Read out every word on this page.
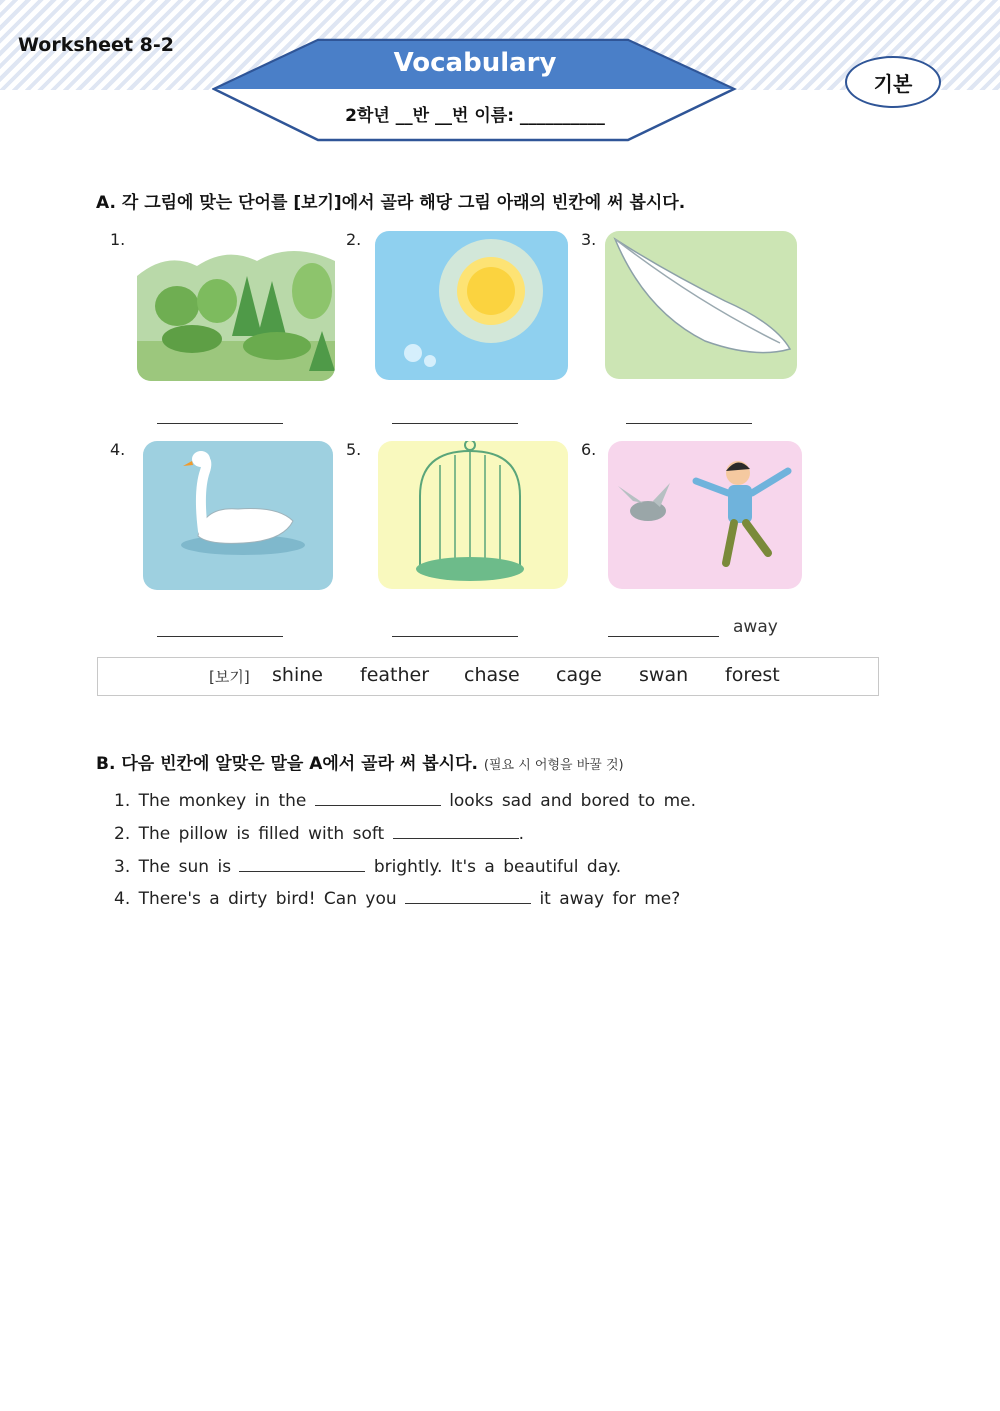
Worksheet 8-2
Vocabulary
2학년 __반 __번 이름: __________
기본
A. 각 그림에 맞는 단어를 [보기]에서 골라 해당 그림 아래의 빈칸에 써 봅시다.
1.	2.	3.
4.	5.	6.
away
[보기] shine feather chase cage swan forest
B. 다음 빈칸에 알맞은 말을 A에서 골라 써 봅시다. (필요 시 어형을 바꿀 것)
1. The monkey in the	looks sad and bored to me.
2. The pillow is filled with soft	.
3. The sun is	brightly. It's a beautiful day.
4. There's a dirty bird! Can you	it away for me?
